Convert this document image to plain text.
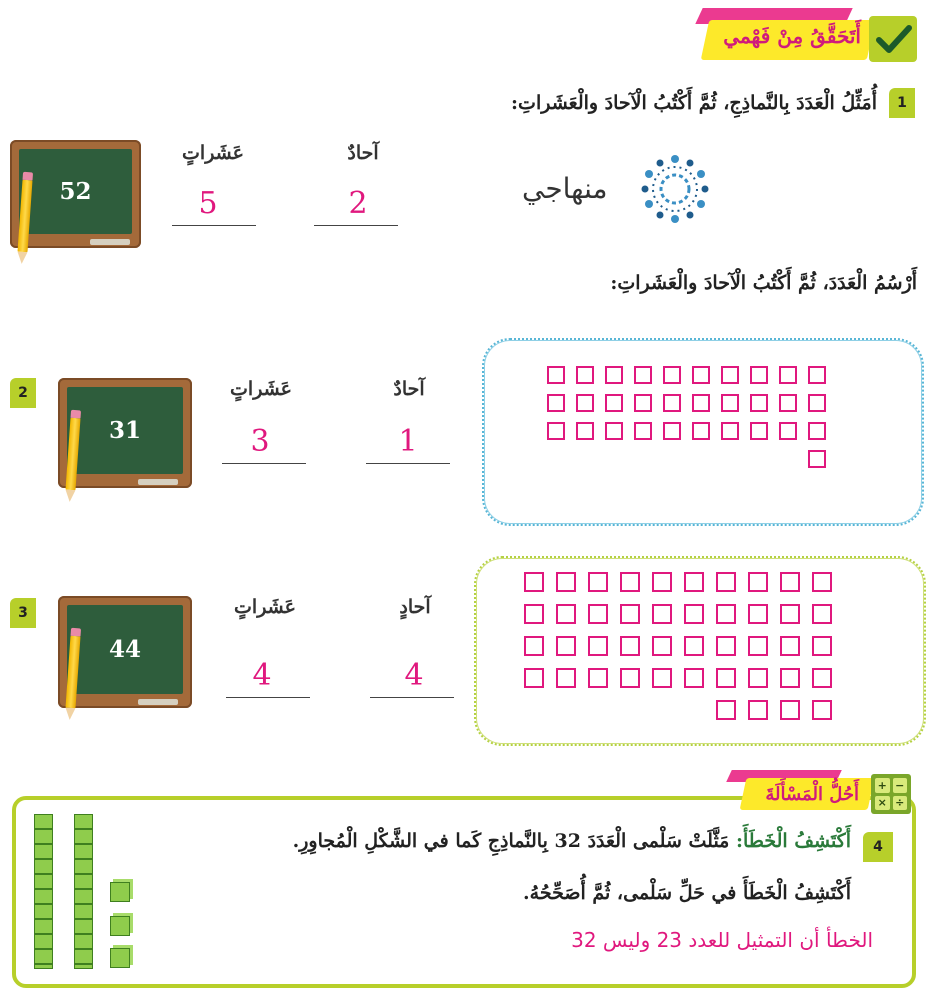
أَتَحَقَّقُ مِنْ فَهْمي
1
أُمَثِّلُ الْعَدَدَ بِالنَّماذِجِ، ثُمَّ أَكْتُبُ الْآحادَ والْعَشَراتِ:
52
عَشَراتٍ	آحادٌ
5	2	منهاجي
أَرْسُمُ الْعَدَدَ، ثُمَّ أَكْتُبُ الْآحادَ والْعَشَراتِ:
2
31
عَشَراتٍ	آحادٌ
3	1
3
44
عَشَراتٍ	آحادٍ
4	4
أَحُلُّ الْمَسْأَلَةَ + −
× ÷
4
أَكْتَشِفُ الْخَطَأَ: مَثَّلَتْ سَلْمى الْعَدَدَ 32 بِالنَّماذِجِ كَما في الشَّكْلِ الْمُجاوِرِ.
أَكْتَشِفُ الْخَطَأَ في حَلِّ سَلْمى، ثُمَّ أُصَحِّحُهُ.
الخطأ أن التمثيل للعدد 23 وليس 32
